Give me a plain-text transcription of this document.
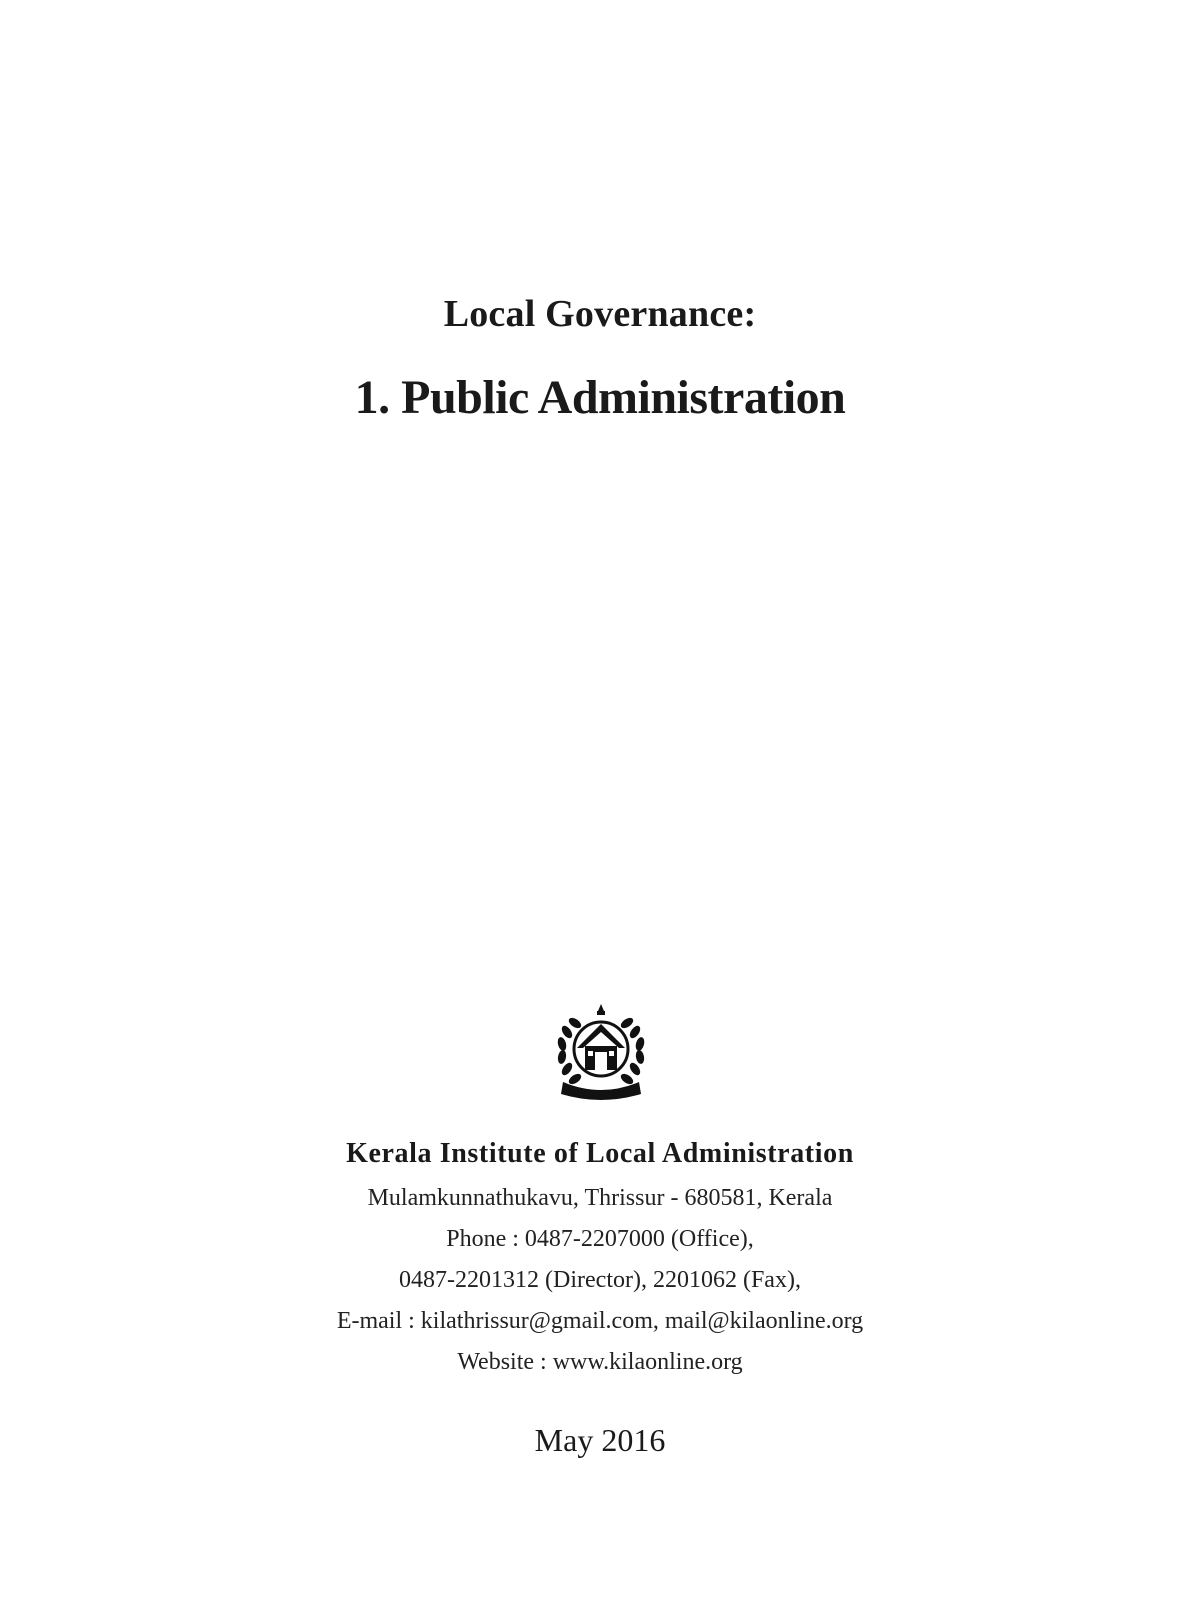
Local Governance:
1. Public Administration
Kerala Institute of Local Administration
Mulamkunnathukavu, Thrissur - 680581, Kerala
Phone : 0487-2207000 (Office),
0487-2201312 (Director), 2201062 (Fax),
E-mail : kilathrissur@gmail.com, mail@kilaonline.org
Website : www.kilaonline.org
May 2016
